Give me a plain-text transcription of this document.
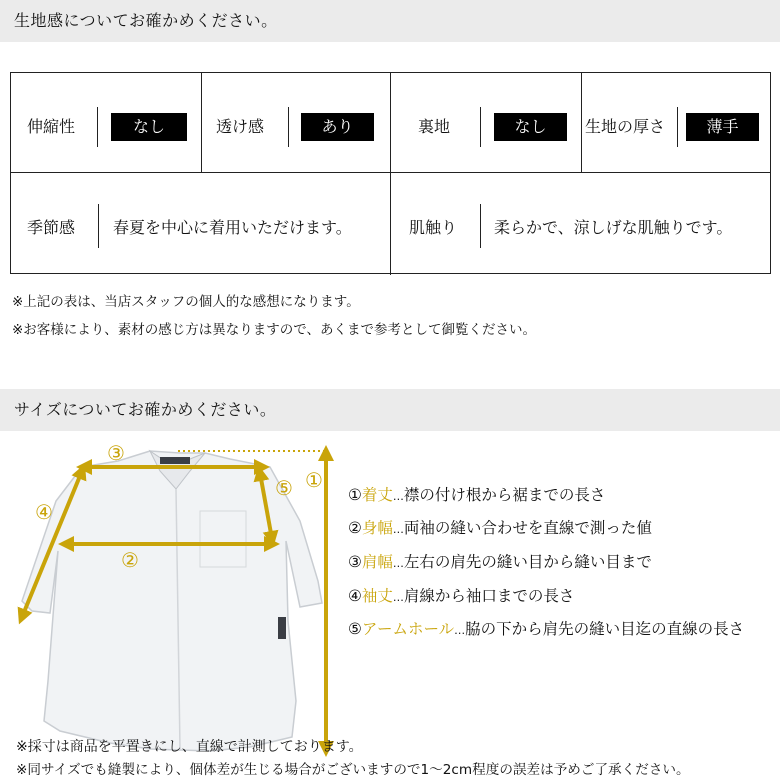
生地感についてお確かめください。
伸縮性	なし	透け感	あり	裏地	なし	生地の厚さ	薄手
季節感 春夏を中心に着用いただけます。	肌触り 柔らかで、涼しげな肌触りです。
※上記の表は、当店スタッフの個人的な感想になります。
※お客様により、素材の感じ方は異なりますので、あくまで参考として御覧ください。
サイズについてお確かめください。
③
②
④
⑤ ①
①着丈…襟の付け根から裾までの長さ
②身幅…両袖の縫い合わせを直線で測った値
③肩幅…左右の肩先の縫い目から縫い目まで
④袖丈…肩線から袖口までの長さ
⑤アームホール…脇の下から肩先の縫い目迄の直線の長さ
※採寸は商品を平置きにし、直線で計測しております。
※同サイズでも縫製により、個体差が生じる場合がございますので1～2cm程度の誤差は予めご了承ください。
